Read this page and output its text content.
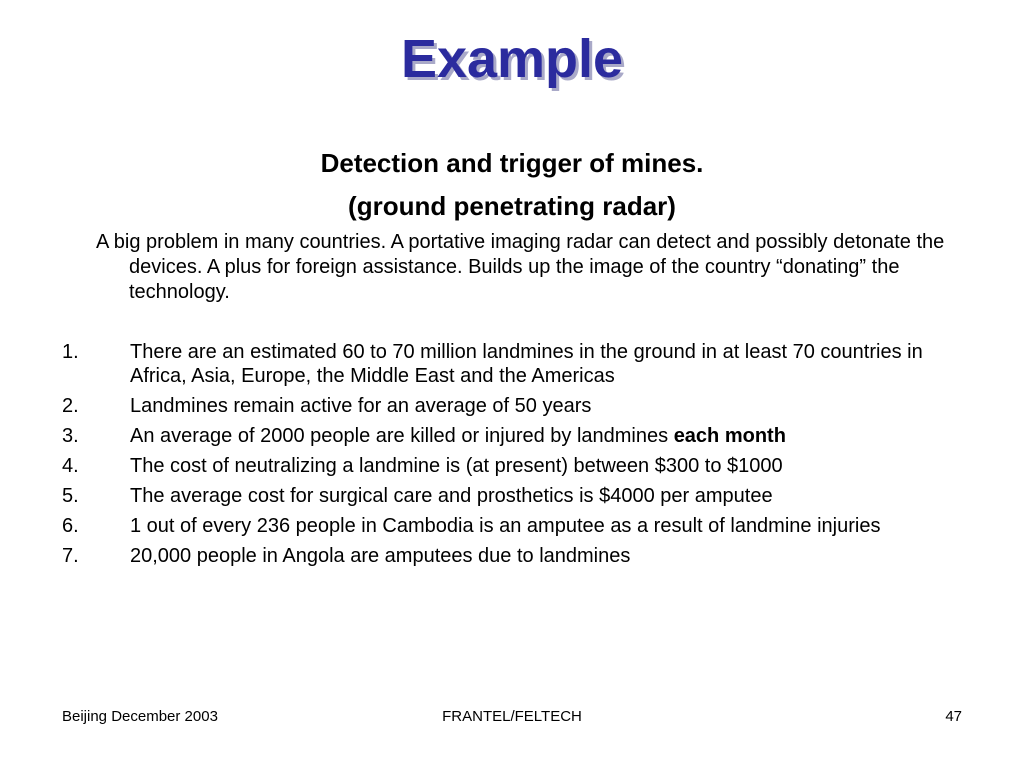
Example
Detection and trigger of mines.
(ground penetrating radar)
A big problem in many countries. A portative imaging radar can detect and possibly detonate the devices. A plus for foreign assistance. Builds up the image of the country “donating” the technology.
1.	There are an estimated 60 to 70 million landmines in the ground in at least 70 countries in Africa, Asia, Europe, the Middle East and the Americas
2.	Landmines remain active for an average of 50 years
3.	An average of 2000 people are killed or injured by landmines each month
4.	The cost of neutralizing a landmine is (at present) between $300 to $1000
5.	The average cost for surgical care and prosthetics is $4000 per amputee
6.	1 out of every 236 people in Cambodia is an amputee as a result of landmine injuries
7.	20,000 people in Angola are amputees due to landmines
Beijing December 2003	FRANTEL/FELTECH	47
